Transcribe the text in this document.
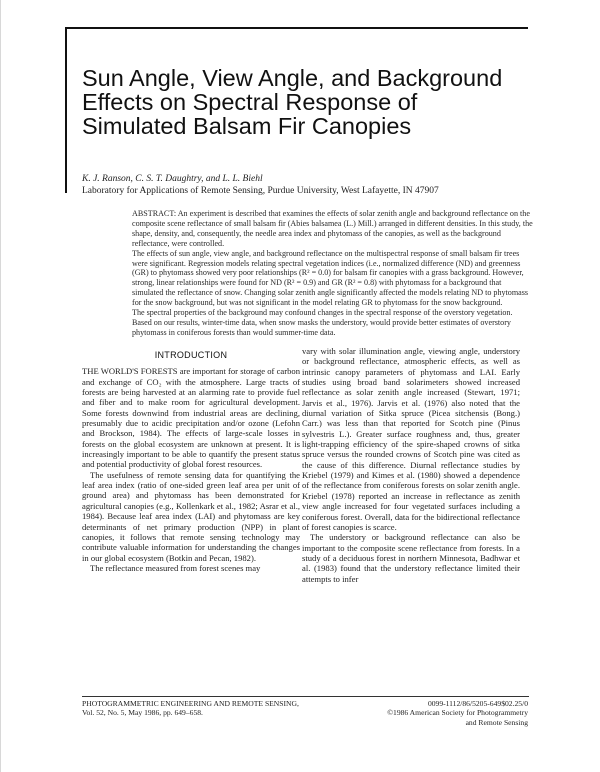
Sun Angle, View Angle, and Background Effects on Spectral Response of Simulated Balsam Fir Canopies
K. J. Ranson, C. S. T. Daughtry, and L. L. Biehl
Laboratory for Applications of Remote Sensing, Purdue University, West Lafayette, IN 47907

ABSTRACT: An experiment is described that examines the effects of solar zenith angle and background reflectance on the composite scene reflectance of small balsam fir (Abies balsamea (L.) Mill.) arranged in different densities. In this study, the shape, density, and, consequently, the needle area index and phytomass of the canopies, as well as the background reflectance, were controlled.

The effects of sun angle, view angle, and background reflectance on the multispectral response of small balsam fir trees were significant. Regression models relating spectral vegetation indices (i.e., normalized difference (ND) and greenness (GR) to phytomass showed very poor relationships (R² = 0.0) for balsam fir canopies with a grass background. However, strong, linear relationships were found for ND (R² = 0.9) and GR (R² = 0.8) with phytomass for a background that simulated the reflectance of snow. Changing solar zenith angle significantly affected the models relating ND to phytomass for the snow background, but was not significant in the model relating GR to phytomass for the snow background.

The spectral properties of the background may confound changes in the spectral response of the overstory vegetation. Based on our results, winter-time data, when snow masks the understory, would provide better estimates of overstory phytomass in coniferous forests than would summer-time data.

INTRODUCTION

THE WORLD'S FORESTS are important for storage of carbon and exchange of CO₂ with the atmosphere. Large tracts of forests are being harvested at an alarming rate to provide fuel and fiber and to make room for agricultural development. Some forests downwind from industrial areas are declining, presumably due to acidic precipitation and/or ozone (Lefohn and Brockson, 1984). The effects of large-scale losses in forests on the global ecosystem are unknown at present. It is increasingly important to be able to quantify the present status and potential productivity of global forest resources.

The usefulness of remote sensing data for quantifying the leaf area index (ratio of one-sided green leaf area per unit of ground area) and phytomass has been demonstrated for agricultural canopies (e.g., Kollenkark et al., 1982; Asrar et al., 1984). Because leaf area index (LAI) and phytomass are key determinants of net primary production (NPP) in plant canopies, it follows that remote sensing technology may contribute valuable information for understanding the changes in our global ecosystem (Botkin and Pecan, 1982).

The reflectance measured from forest scenes may

vary with solar illumination angle, viewing angle, understory or background reflectance, atmospheric effects, as well as intrinsic canopy parameters of phytomass and LAI. Early studies using broad band solarimeters showed increased reflectance as solar zenith angle increased (Stewart, 1971; Jarvis et al., 1976). Jarvis et al. (1976) also noted that the diurnal variation of Sitka spruce (Picea sitchensis (Bong.) Carr.) was less than that reported for Scotch pine (Pinus sylvestris L.). Greater surface roughness and, thus, greater light-trapping efficiency of the spire-shaped crowns of sitka spruce versus the rounded crowns of Scotch pine was cited as the cause of this difference. Diurnal reflectance studies by Kriebel (1979) and Kimes et al. (1980) showed a dependence of the reflectance from coniferous forests on solar zenith angle. Kriebel (1978) reported an increase in reflectance as zenith view angle increased for four vegetated surfaces including a coniferous forest. Overall, data for the bidirectional reflectance of forest canopies is scarce.

The understory or background reflectance can also be important to the composite scene reflectance from forests. In a study of a deciduous forest in northern Minnesota, Badhwar et al. (1983) found that the understory reflectance limited their attempts to infer

PHOTOGRAMMETRIC ENGINEERING AND REMOTE SENSING,
Vol. 52, No. 5, May 1986, pp. 649–658.
0099-1112/86/5205-649$02.25/0
©1986 American Society for Photogrammetry
and Remote Sensing
